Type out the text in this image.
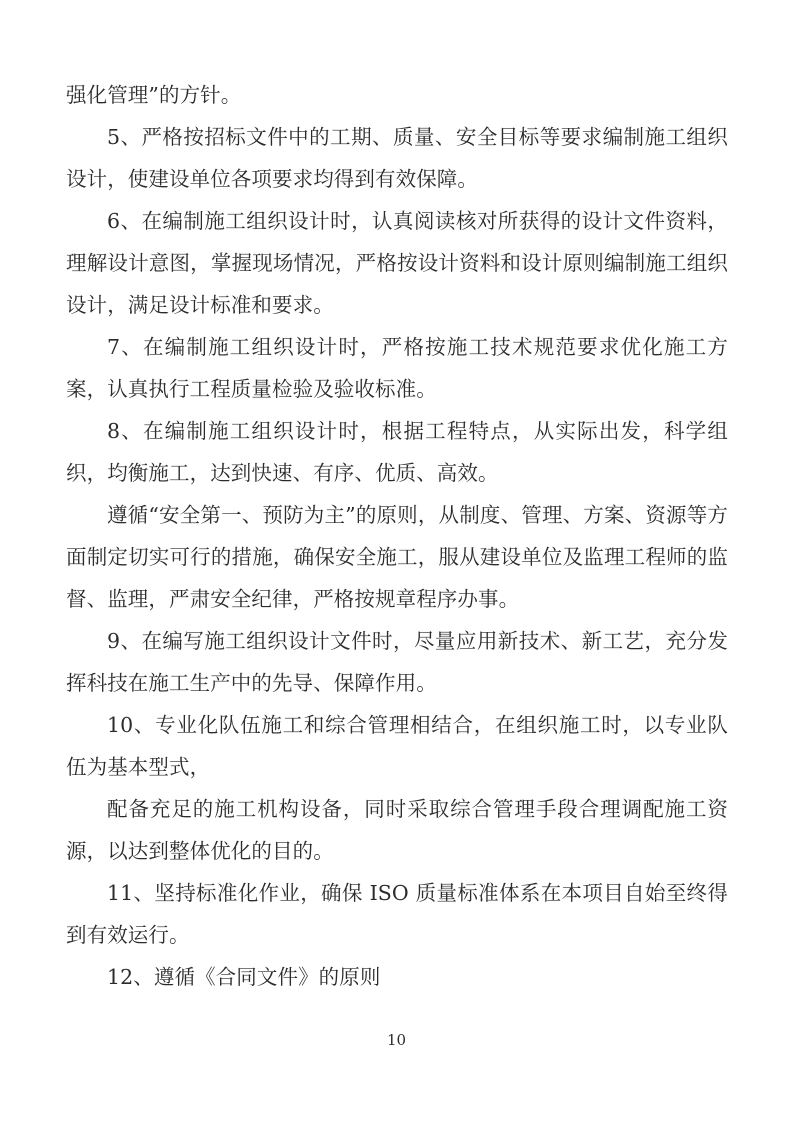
强化管理”的方针。

5、严格按招标文件中的工期、质量、安全目标等要求编制施工组织设计，使建设单位各项要求均得到有效保障。

6、在编制施工组织设计时，认真阅读核对所获得的设计文件资料，理解设计意图，掌握现场情况，严格按设计资料和设计原则编制施工组织设计，满足设计标准和要求。

7、在编制施工组织设计时，严格按施工技术规范要求优化施工方案，认真执行工程质量检验及验收标准。

8、在编制施工组织设计时，根据工程特点，从实际出发，科学组织，均衡施工，达到快速、有序、优质、高效。

遵循“安全第一、预防为主”的原则，从制度、管理、方案、资源等方面制定切实可行的措施，确保安全施工，服从建设单位及监理工程师的监督、监理，严肃安全纪律，严格按规章程序办事。

9、在编写施工组织设计文件时，尽量应用新技术、新工艺，充分发挥科技在施工生产中的先导、保障作用。

10、专业化队伍施工和综合管理相结合，在组织施工时，以专业队伍为基本型式，

配备充足的施工机构设备，同时采取综合管理手段合理调配施工资源，以达到整体优化的目的。

11、坚持标准化作业，确保 ISO 质量标准体系在本项目自始至终得到有效运行。

12、遵循《合同文件》的原则

10
